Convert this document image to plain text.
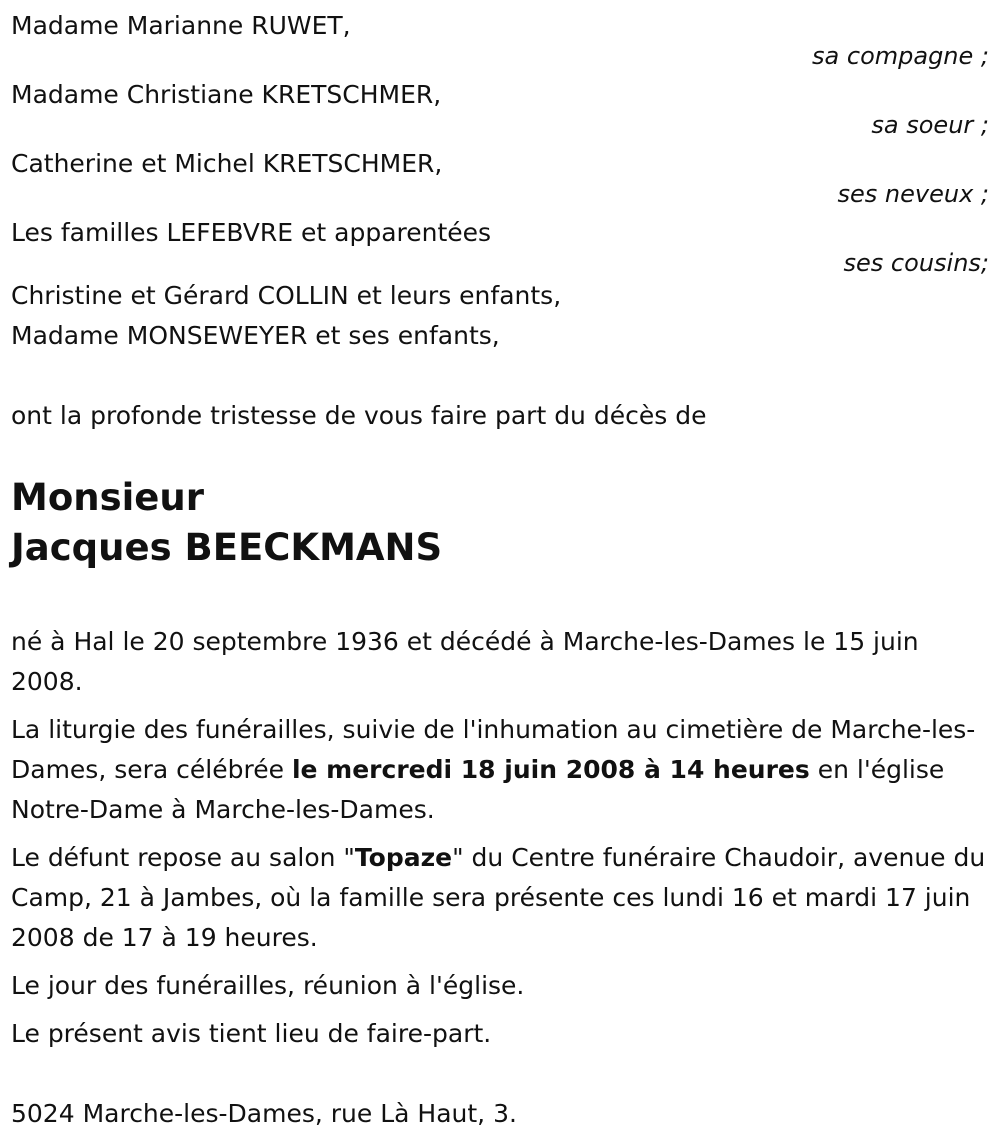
Madame Marianne RUWET,
sa compagne ;
Madame Christiane KRETSCHMER,
sa soeur ;
Catherine et Michel KRETSCHMER,
ses neveux ;
Les familles LEFEBVRE et apparentées
ses cousins;
Christine et Gérard COLLIN et leurs enfants,
Madame MONSEWEYER et ses enfants,
ont la profonde tristesse de vous faire part du décès de
Monsieur
Jacques BEECKMANS

né à Hal le 20 septembre 1936 et décédé à Marche-les-Dames le 15 juin 2008.

La liturgie des funérailles, suivie de l'inhumation au cimetière de Marche-les-Dames, sera célébrée le mercredi 18 juin 2008 à 14 heures en l'église Notre-Dame à Marche-les-Dames.

Le défunt repose au salon "Topaze" du Centre funéraire Chaudoir, avenue du Camp, 21 à Jambes, où la famille sera présente ces lundi 16 et mardi 17 juin 2008 de 17 à 19 heures.

Le jour des funérailles, réunion à l'église.

Le présent avis tient lieu de faire-part.

5024 Marche-les-Dames, rue Là Haut, 3.
